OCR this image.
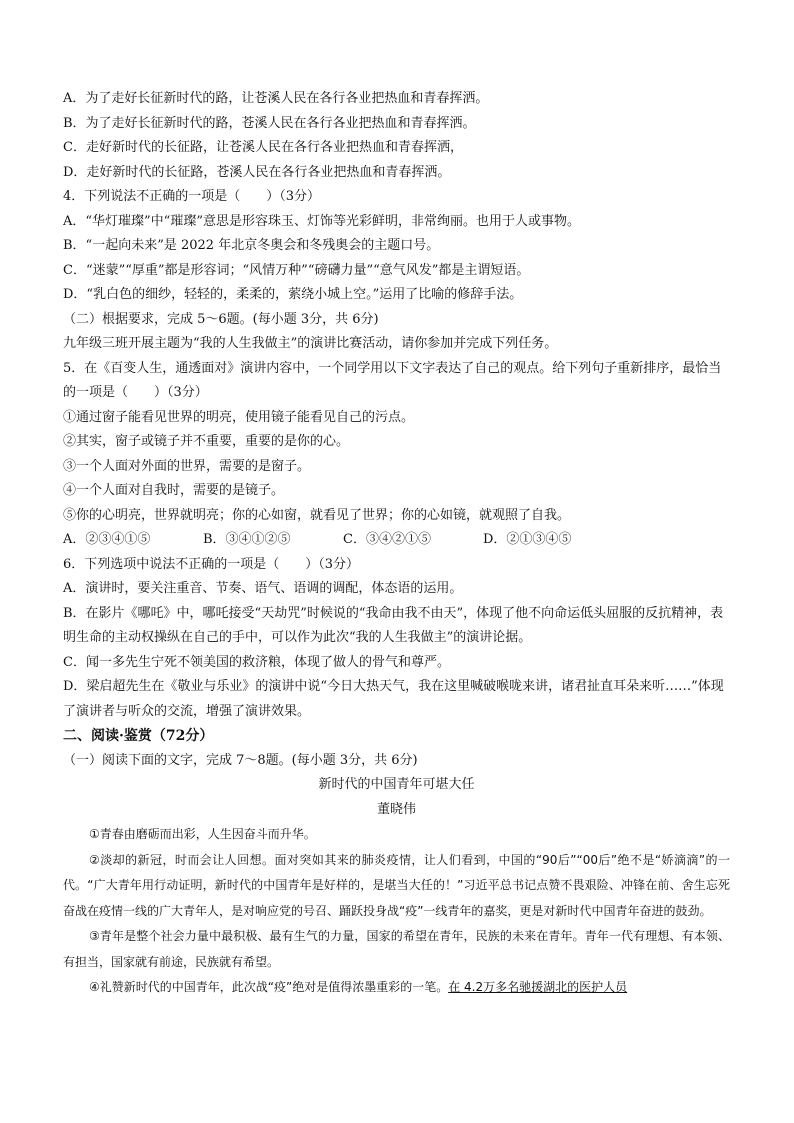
A．为了走好长征新时代的路，让苍溪人民在各行各业把热血和青春挥洒。
B．为了走好长征新时代的路，苍溪人民在各行各业把热血和青春挥洒。
C．走好新时代的长征路，让苍溪人民在各行各业把热血和青春挥洒，
D．走好新时代的长征路，苍溪人民在各行各业把热血和青春挥洒。
4．下列说法不正确的一项是（　　）（3分）
A．“华灯璀璨”中“璀璨”意思是形容珠玉、灯饰等光彩鲜明，非常绚丽。也用于人或事物。
B．“一起向未来”是 2022 年北京冬奥会和冬残奥会的主题口号。
C．“迷蒙”“厚重”都是形容词；“风情万种”“磅礴力量”“意气风发”都是主谓短语。
D．“乳白色的细纱，轻轻的，柔柔的，萦绕小城上空。”运用了比喻的修辞手法。
（二）根据要求，完成 5～6题。(每小题 3分，共 6分)
九年级三班开展主题为“我的人生我做主”的演讲比赛活动，请你参加并完成下列任务。
5．在《百变人生，通透面对》演讲内容中，一个同学用以下文字表达了自己的观点。给下列句子重新排序，最恰当的一项是（　　）（3分）
①通过窗子能看见世界的明亮，使用镜子能看见自己的污点。
②其实，窗子或镜子并不重要，重要的是你的心。
③一个人面对外面的世界，需要的是窗子。
④一个人面对自我时，需要的是镜子。
⑤你的心明亮，世界就明亮；你的心如窗，就看见了世界；你的心如镜，就观照了自我。
A．②③④①⑤	B．③④①②⑤	C．③④②①⑤	D．②①③④⑤
6．下列选项中说法不正确的一项是（　　）（3分）
A．演讲时，要关注重音、节奏、语气、语调的调配，体态语的运用。
B．在影片《哪吒》中，哪吒接受“天劫咒”时候说的“我命由我不由天”，体现了他不向命运低头屈服的反抗精神，表明生命的主动权操纵在自己的手中，可以作为此次“我的人生我做主”的演讲论据。
C．闻一多先生宁死不领美国的救济粮，体现了做人的骨气和尊严。
D．梁启超先生在《敬业与乐业》的演讲中说“今日大热天气，我在这里喊破喉咙来讲，诸君扯直耳朵来听……”体现了演讲者与听众的交流，增强了演讲效果。
二、阅读·鉴赏（72分）
（一）阅读下面的文字，完成 7～8题。(每小题 3分，共 6分)
新时代的中国青年可堪大任
董晓伟
①青春由磨砺而出彩，人生因奋斗而升华。
②淡却的新冠，时而会让人回想。面对突如其来的肺炎疫情，让人们看到，中国的“90后”“00后”绝不是“娇滴滴”的一代。“广大青年用行动证明，新时代的中国青年是好样的，是堪当大任的！”习近平总书记点赞不畏艰险、冲锋在前、舍生忘死奋战在疫情一线的广大青年人，是对响应党的号召、踊跃投身战“疫”一线青年的嘉奖，更是对新时代中国青年奋进的鼓劲。
③青年是整个社会力量中最积极、最有生气的力量，国家的希望在青年，民族的未来在青年。青年一代有理想、有本领、有担当，国家就有前途，民族就有希望。
④礼赞新时代的中国青年，此次战“疫”绝对是值得浓墨重彩的一笔。在 4.2万多名驰援湖北的医护人员
